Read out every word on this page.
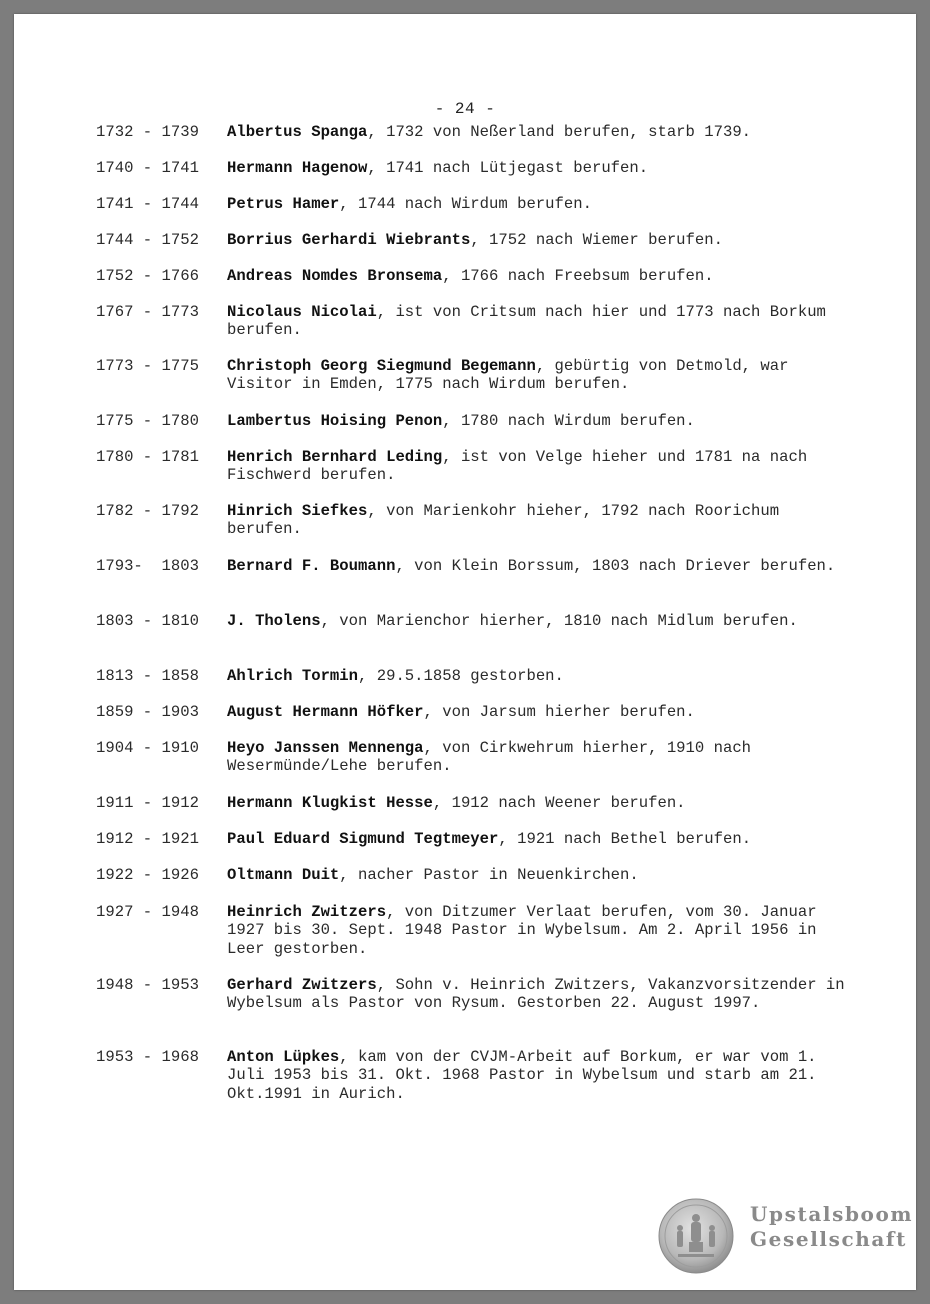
- 24 -
1732 - 1739	Albertus Spanga, 1732 von Neßerland berufen, starb 1739.
1740 - 1741	Hermann Hagenow, 1741 nach Lütjegast berufen.
1741 - 1744	Petrus Hamer, 1744 nach Wirdum berufen.
1744 - 1752	Borrius Gerhardi Wiebrants, 1752 nach Wiemer berufen.
1752 - 1766	Andreas Nomdes Bronsema, 1766 nach Freebsum berufen.
1767 - 1773	Nicolaus Nicolai, ist von Critsum nach hier und 1773 nach Borkum berufen.
1773 - 1775	Christoph Georg Siegmund Begemann, gebürtig von Detmold, war Visitor in Emden, 1775 nach Wirdum berufen.
1775 - 1780	Lambertus Hoising Penon, 1780 nach Wirdum berufen.
1780 - 1781	Henrich Bernhard Leding, ist von Velge hieher und 1781 na nach Fischwerd berufen.
1782 - 1792	Hinrich Siefkes, von Marienkohr hieher, 1792 nach Roorichum berufen.
1793-  1803	Bernard F. Boumann, von Klein Borssum, 1803 nach Driever berufen.
1803 - 1810	J. Tholens, von Marienchor hierher, 1810 nach Midlum berufen.
1813 - 1858	Ahlrich Tormin, 29.5.1858 gestorben.
1859 - 1903	August Hermann Höfker, von Jarsum hierher berufen.
1904 - 1910	Heyo Janssen Mennenga, von Cirkwehrum hierher, 1910 nach Wesermünde/Lehe berufen.
1911 - 1912	Hermann Klugkist Hesse, 1912 nach Weener berufen.
1912 - 1921	Paul Eduard Sigmund Tegtmeyer, 1921 nach Bethel berufen.
1922 - 1926	Oltmann Duit, nacher Pastor in Neuenkirchen.
1927 - 1948	Heinrich Zwitzers, von Ditzumer Verlaat berufen, vom 30. Januar 1927 bis 30. Sept. 1948 Pastor in Wybelsum. Am 2. April 1956 in Leer gestorben.
1948 - 1953	Gerhard Zwitzers, Sohn v. Heinrich Zwitzers, Vakanzvorsitzender in Wybelsum als Pastor von Rysum. Gestorben 22. August 1997.
1953 - 1968	Anton Lüpkes, kam von der CVJM-Arbeit auf Borkum, er war vom 1. Juli 1953 bis 31. Okt. 1968 Pastor in Wybelsum und starb am 21. Okt.1991 in Aurich.
Upstalsboom
Gesellschaft
